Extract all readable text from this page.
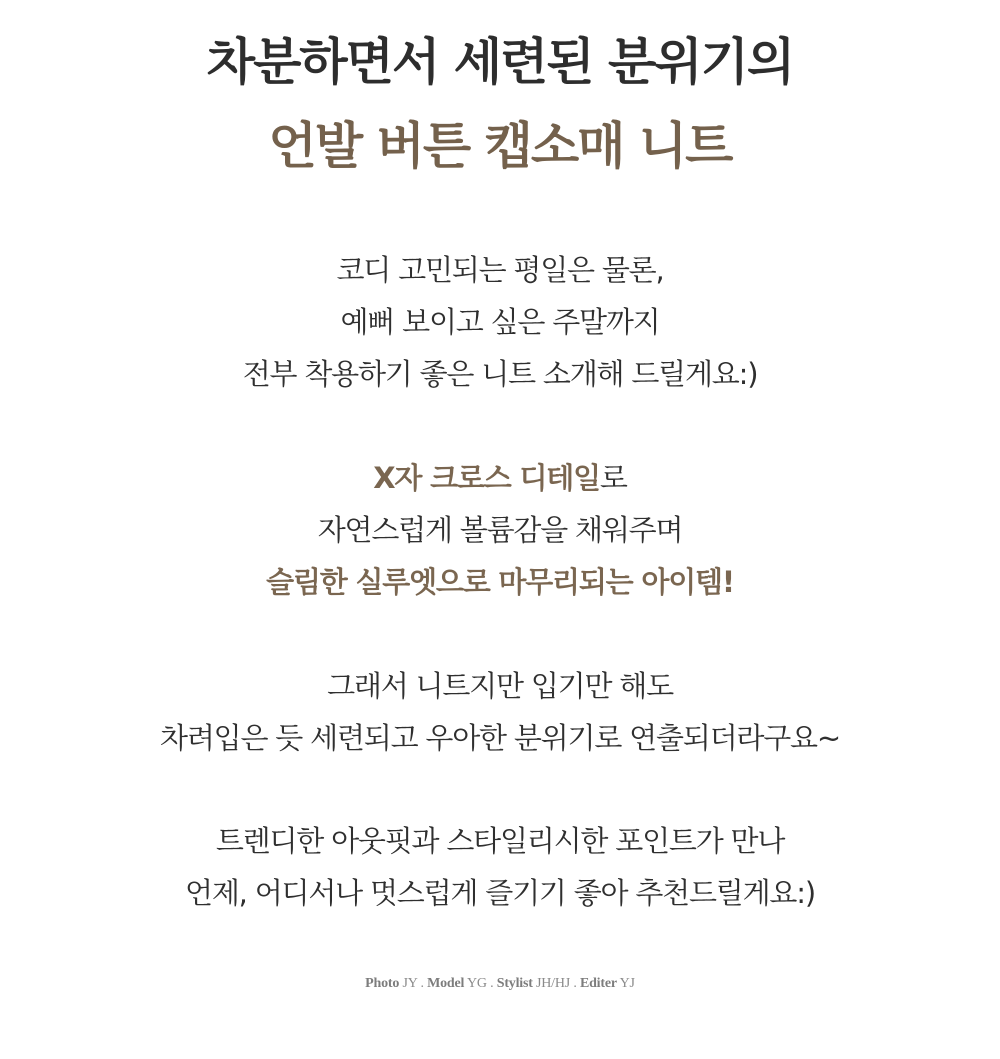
차분하면서 세련된 분위기의
언발 버튼 캡소매 니트
코디 고민되는 평일은 물론,
예뻐 보이고 싶은 주말까지
전부 착용하기 좋은 니트 소개해 드릴게요:)
X자 크로스 디테일로
자연스럽게 볼륨감을 채워주며
슬림한 실루엣으로 마무리되는 아이템!
그래서 니트지만 입기만 해도
차려입은 듯 세련되고 우아한 분위기로 연출되더라구요~
트렌디한 아웃핏과 스타일리시한 포인트가 만나
언제, 어디서나 멋스럽게 즐기기 좋아 추천드릴게요:)
Photo JY . Model YG . Stylist JH/HJ . Editer YJ
